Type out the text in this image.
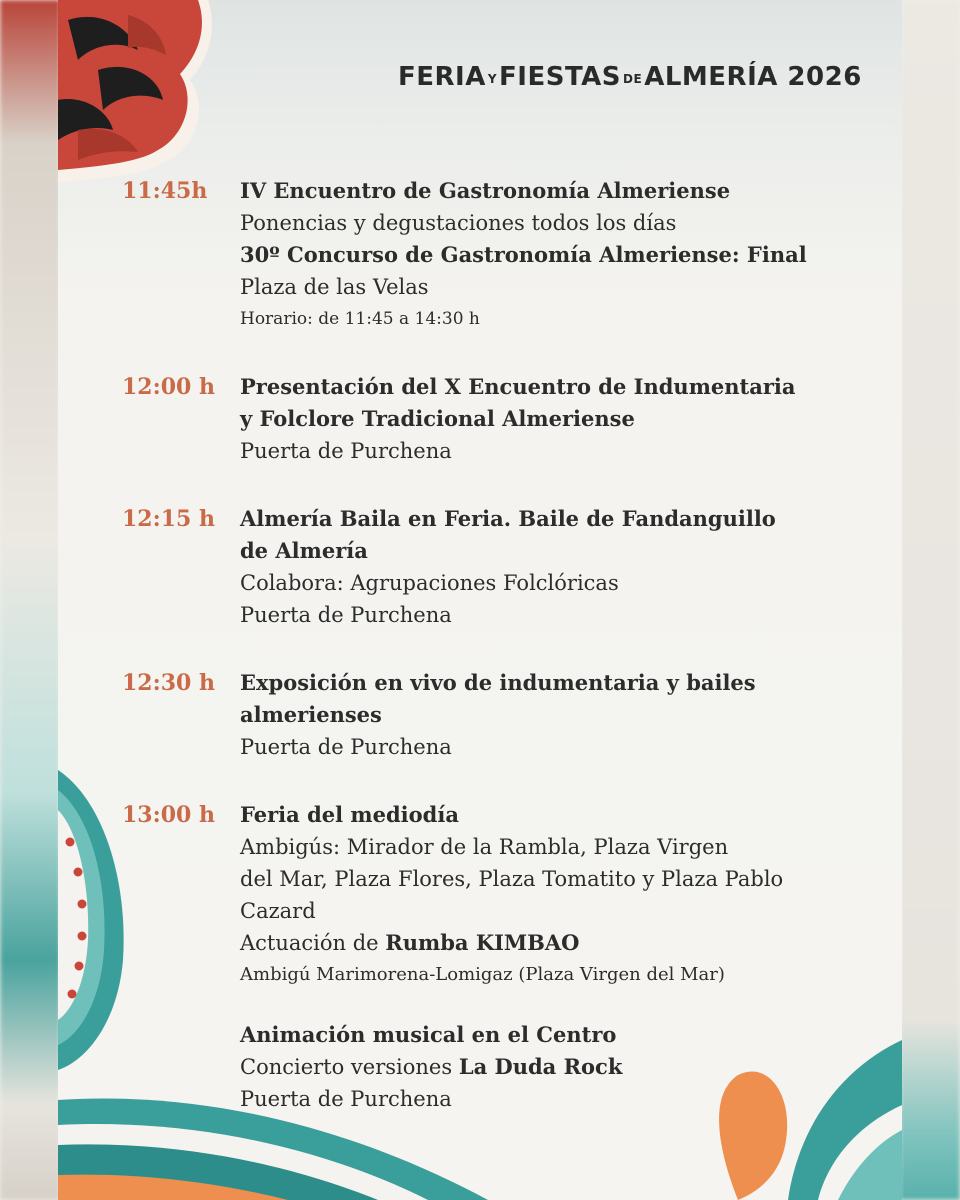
FERIA YFIESTAS DEALMERÍA 2026
11:45h IV Encuentro de Gastronomía Almeriense
Ponencias y degustaciones todos los días
30º Concurso de Gastronomía Almeriense: Final
Plaza de las Velas
Horario: de 11:45 a 14:30 h
12:00 h Presentación del X Encuentro de Indumentaria
y Folclore Tradicional Almeriense
Puerta de Purchena
12:15 h Almería Baila en Feria. Baile de Fandanguillo
de Almería
Colabora: Agrupaciones Folclóricas
Puerta de Purchena
12:30 h Exposición en vivo de indumentaria y bailes
almerienses
Puerta de Purchena
13:00 h Feria del mediodía
Ambigús: Mirador de la Rambla, Plaza Virgen
del Mar, Plaza Flores, Plaza Tomatito y Plaza Pablo
Cazard
Actuación de Rumba KIMBAO
Ambigú Marimorena-Lomigaz (Plaza Virgen del Mar)
Animación musical en el Centro
Concierto versiones La Duda Rock
Puerta de Purchena
